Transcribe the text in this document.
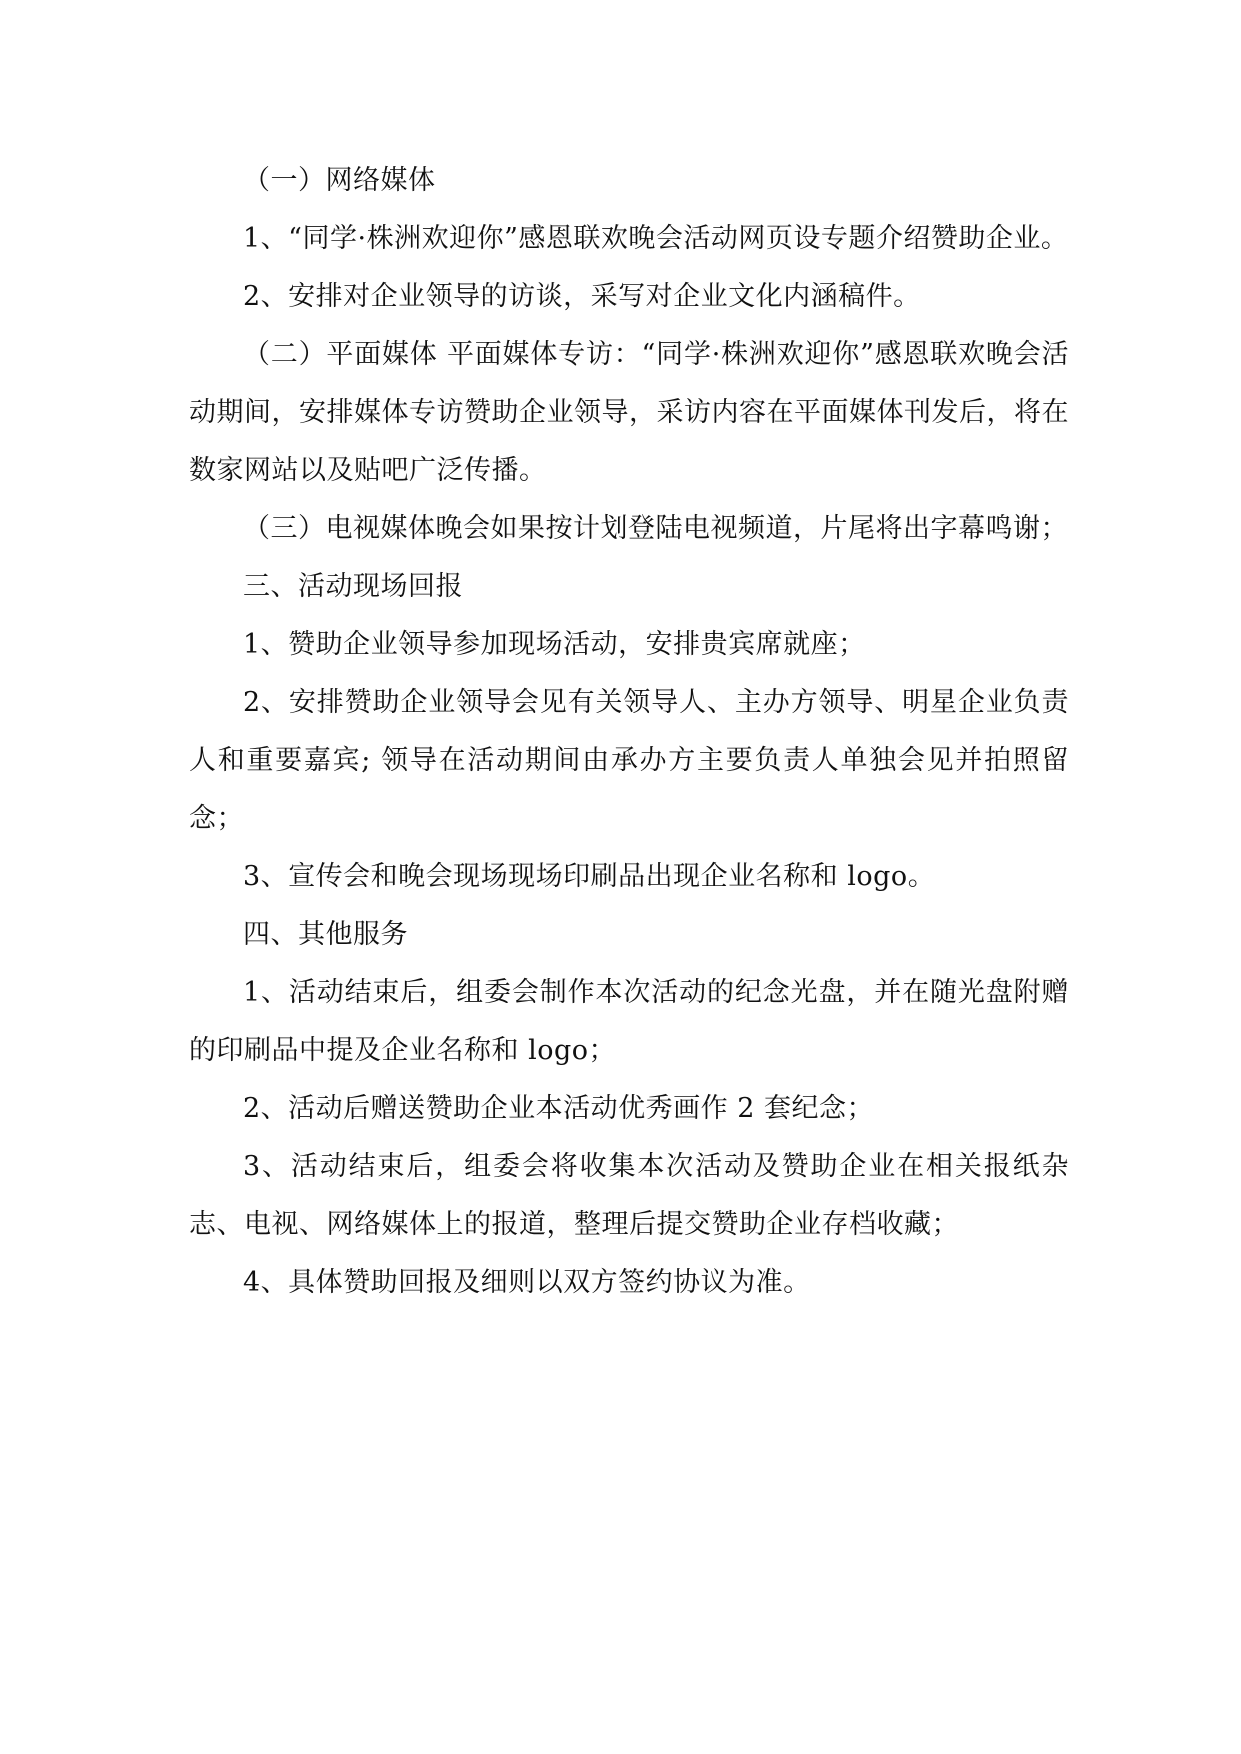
（一）网络媒体

1、“同学·株洲欢迎你”感恩联欢晚会活动网页设专题介绍赞助企业。

2、安排对企业领导的访谈，采写对企业文化内涵稿件。

（二）平面媒体 平面媒体专访：“同学·株洲欢迎你”感恩联欢晚会活动期间，安排媒体专访赞助企业领导，采访内容在平面媒体刊发后，将在数家网站以及贴吧广泛传播。

（三）电视媒体晚会如果按计划登陆电视频道，片尾将出字幕鸣谢；

三、活动现场回报

1、赞助企业领导参加现场活动，安排贵宾席就座；

2、安排赞助企业领导会见有关领导人、主办方领导、明星企业负责人和重要嘉宾; 领导在活动期间由承办方主要负责人单独会见并拍照留念；

3、宣传会和晚会现场现场印刷品出现企业名称和 logo。

四、其他服务

1、活动结束后，组委会制作本次活动的纪念光盘，并在随光盘附赠的印刷品中提及企业名称和 logo；

2、活动后赠送赞助企业本活动优秀画作 2 套纪念；

3、活动结束后，组委会将收集本次活动及赞助企业在相关报纸杂志、电视、网络媒体上的报道，整理后提交赞助企业存档收藏；

4、具体赞助回报及细则以双方签约协议为准。
